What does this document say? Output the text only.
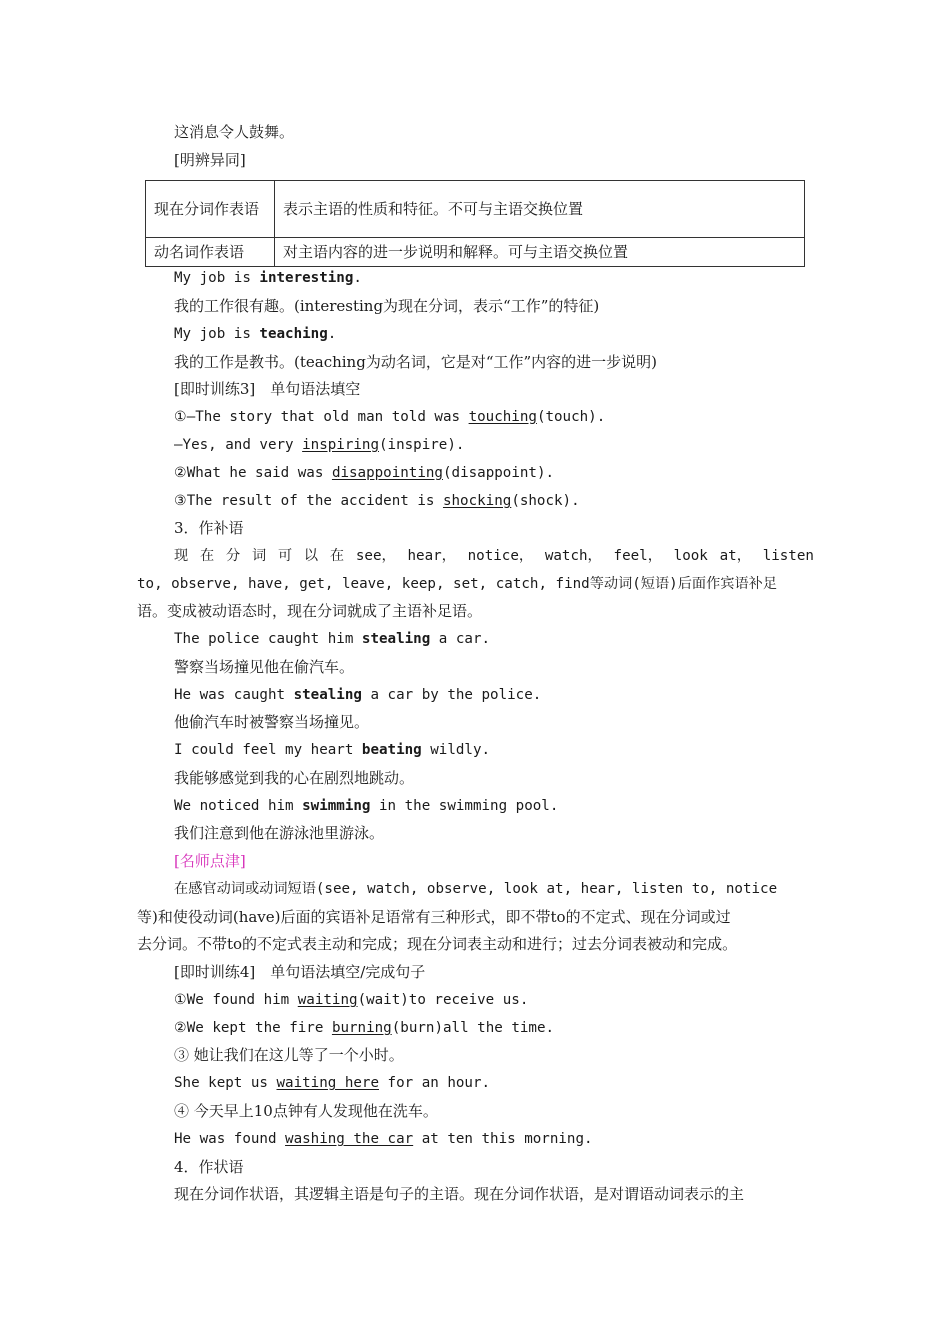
这消息令人鼓舞。
[明辨异同]
现在分词作表语	表示主语的性质和特征。不可与主语交换位置
动名词作表语	对主语内容的进一步说明和解释。可与主语交换位置
My job is interesting.
我的工作很有趣。(interesting为现在分词，表示“工作”的特征)
My job is teaching.
我的工作是教书。(teaching为动名词，它是对“工作”内容的进一步说明)
[即时训练3]　单句语法填空
①—The story that old man told was touching(touch).
—Yes, and very inspiring(inspire).
②What he said was disappointing(disappoint).
③The result of the accident is shocking(shock).
3．作补语
现 在 分 词 可 以 在 see， hear， notice， watch， feel， look at， listen
to, observe, have, get, leave, keep, set, catch, find等动词(短语)后面作宾语补足
语。变成被动语态时，现在分词就成了主语补足语。
The police caught him stealing a car.
警察当场撞见他在偷汽车。
He was caught stealing a car by the police.
他偷汽车时被警察当场撞见。
I could feel my heart beating wildly.
我能够感觉到我的心在剧烈地跳动。
We noticed him swimming in the swimming pool.
我们注意到他在游泳池里游泳。
[名师点津]
在感官动词或动词短语(see, watch, observe, look at, hear, listen to, notice
等)和使役动词(have)后面的宾语补足语常有三种形式，即不带to的不定式、现在分词或过
去分词。不带to的不定式表主动和完成；现在分词表主动和进行；过去分词表被动和完成。
[即时训练4]　单句语法填空/完成句子
①We found him waiting(wait)to receive us.
②We kept the fire burning(burn)all the time.
③ 她让我们在这儿等了一个小时。
She kept us waiting here for an hour.
④ 今天早上10点钟有人发现他在洗车。
He was found washing the car at ten this morning.
4．作状语
现在分词作状语，其逻辑主语是句子的主语。现在分词作状语，是对谓语动词表示的主
